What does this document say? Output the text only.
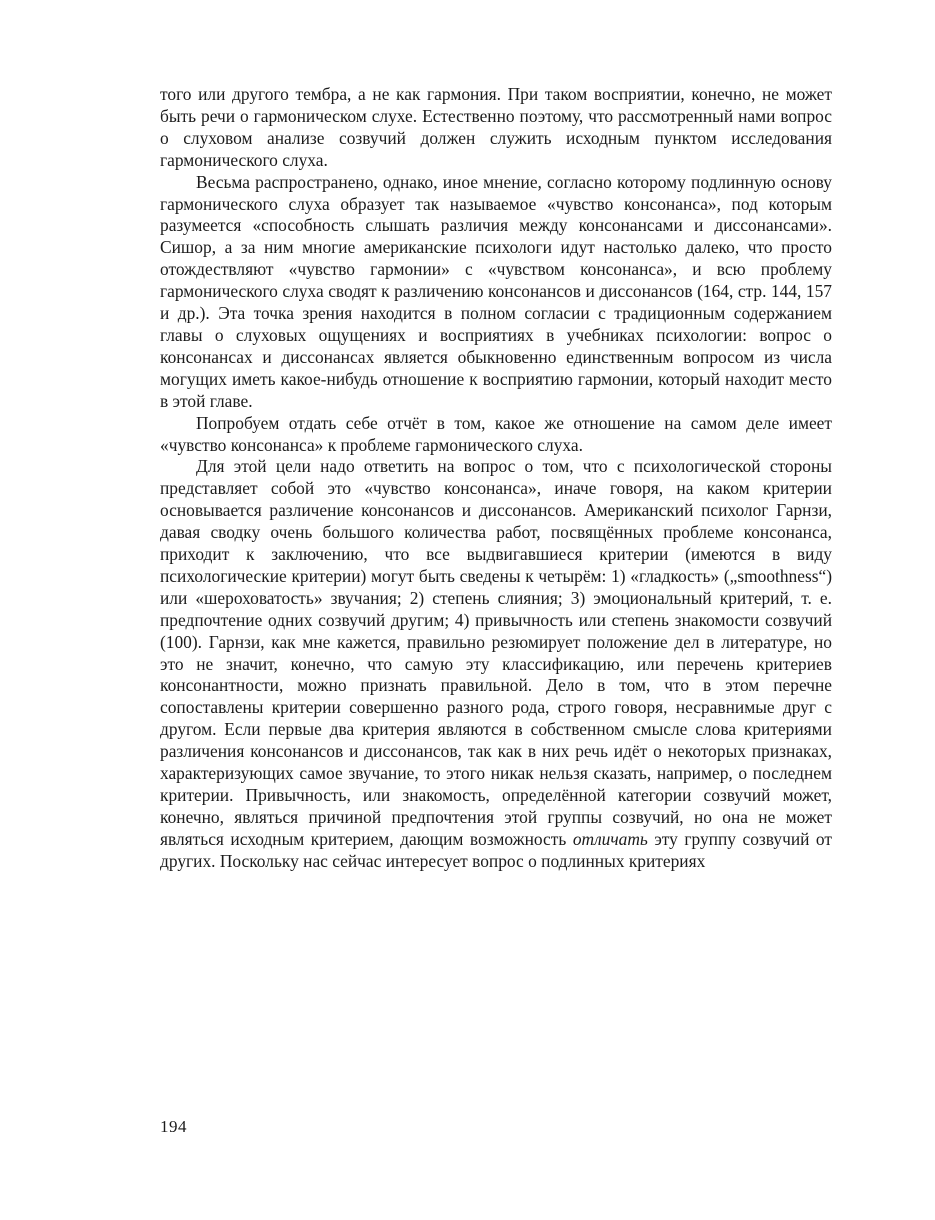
того или другого тембра, а не как гармония. При таком восприятии, конечно, не может быть речи о гармоническом слухе. Естественно поэтому, что рассмотренный нами вопрос о слуховом анализе созвучий должен служить исходным пунктом исследования гармонического слуха.

Весьма распространено, однако, иное мнение, согласно которому подлинную основу гармонического слуха образует так называемое «чувство консонанса», под которым разумеется «способность слышать различия между консонансами и диссонансами». Сишор, а за ним многие американские психологи идут настолько далеко, что просто отождествляют «чувство гармонии» с «чувством консонанса», и всю проблему гармонического слуха сводят к различению консонансов и диссонансов (164, стр. 144, 157 и др.). Эта точка зрения находится в полном согласии с традиционным содержанием главы о слуховых ощущениях и восприятиях в учебниках психологии: вопрос о консонансах и диссонансах является обыкновенно единственным вопросом из числа могущих иметь какое-нибудь отношение к восприятию гармонии, который находит место в этой главе.

Попробуем отдать себе отчёт в том, какое же отношение на самом деле имеет «чувство консонанса» к проблеме гармонического слуха.

Для этой цели надо ответить на вопрос о том, что с психологической стороны представляет собой это «чувство консонанса», иначе говоря, на каком критерии основывается различение консонансов и диссонансов. Американский психолог Гарнзи, давая сводку очень большого количества работ, посвящённых проблеме консонанса, приходит к заключению, что все выдвигавшиеся критерии (имеются в виду психологические критерии) могут быть сведены к четырём: 1) «гладкость» („smoothness“) или «шероховатость» звучания; 2) степень слияния; 3) эмоциональный критерий, т. е. предпочтение одних созвучий другим; 4) привычность или степень знакомости созвучий (100). Гарнзи, как мне кажется, правильно резюмирует положение дел в литературе, но это не значит, конечно, что самую эту классификацию, или перечень критериев консонантности, можно признать правильной. Дело в том, что в этом перечне сопоставлены критерии совершенно разного рода, строго говоря, несравнимые друг с другом. Если первые два критерия являются в собственном смысле слова критериями различения консонансов и диссонансов, так как в них речь идёт о некоторых признаках, характеризующих самое звучание, то этого никак нельзя сказать, например, о последнем критерии. Привычность, или знакомость, определённой категории созвучий может, конечно, являться причиной предпочтения этой группы созвучий, но она не может являться исходным критерием, дающим возможность отличать эту группу созвучий от других. Поскольку нас сейчас интересует вопрос о подлинных критериях

194
